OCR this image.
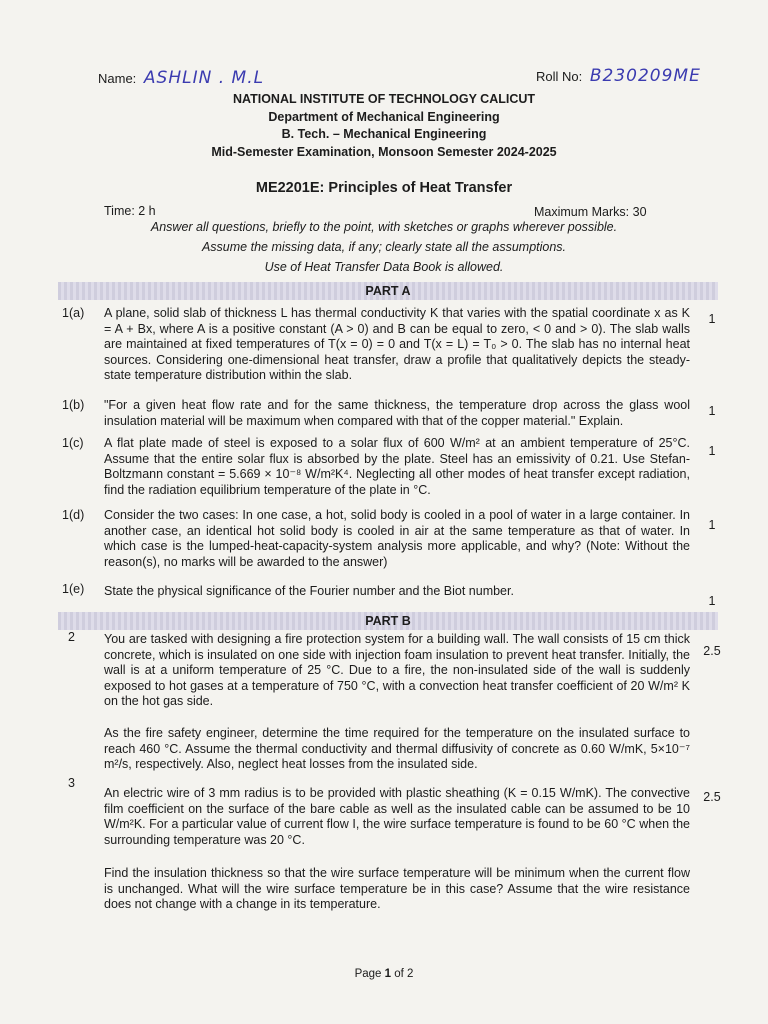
Name: ASHLIN . M.L	Roll No: B230209ME
NATIONAL INSTITUTE OF TECHNOLOGY CALICUT
Department of Mechanical Engineering
B. Tech. – Mechanical Engineering
Mid-Semester Examination, Monsoon Semester 2024-2025
ME2201E: Principles of Heat Transfer
Time: 2 h	Maximum Marks: 30
Answer all questions, briefly to the point, with sketches or graphs wherever possible.
Assume the missing data, if any; clearly state all the assumptions.
Use of Heat Transfer Data Book is allowed.
PART A
1(a) A plane, solid slab of thickness L has thermal conductivity K that varies with the spatial coordinate x as K = A + Bx, where A is a positive constant (A > 0) and B can be equal to zero, < 0 and > 0). The slab walls are maintained at fixed temperatures of T(x = 0) = 0 and T(x = L) = T₀ > 0. The slab has no internal heat sources. Considering one-dimensional heat transfer, draw a profile that qualitatively depicts the steady-state temperature distribution within the slab.
1
1(b) "For a given heat flow rate and for the same thickness, the temperature drop across the glass wool insulation material will be maximum when compared with that of the copper material." Explain.
1
1(c) A flat plate made of steel is exposed to a solar flux of 600 W/m² at an ambient temperature of 25°C. Assume that the entire solar flux is absorbed by the plate. Steel has an emissivity of 0.21. Use Stefan-Boltzmann constant = 5.669 × 10⁻⁸ W/m²K⁴. Neglecting all other modes of heat transfer except radiation, find the radiation equilibrium temperature of the plate in °C.
1
1(d) Consider the two cases: In one case, a hot, solid body is cooled in a pool of water in a large container. In another case, an identical hot solid body is cooled in air at the same temperature as that of water. In which case is the lumped-heat-capacity-system analysis more applicable, and why? (Note: Without the reason(s), no marks will be awarded to the answer)
1
1(e) State the physical significance of the Fourier number and the Biot number.
1
PART B
2 You are tasked with designing a fire protection system for a building wall. The wall consists of 15 cm thick concrete, which is insulated on one side with injection foam insulation to prevent heat transfer. Initially, the wall is at a uniform temperature of 25 °C. Due to a fire, the non-insulated side of the wall is suddenly exposed to hot gases at a temperature of 750 °C, with a convection heat transfer coefficient of 20 W/m² K on the hot gas side.
2.5
As the fire safety engineer, determine the time required for the temperature on the insulated surface to reach 460 °C. Assume the thermal conductivity and thermal diffusivity of concrete as 0.60 W/mK, 5×10⁻⁷ m²/s, respectively. Also, neglect heat losses from the insulated side.
3
An electric wire of 3 mm radius is to be provided with plastic sheathing (K = 0.15 W/mK). The convective film coefficient on the surface of the bare cable as well as the insulated cable can be assumed to be 10 W/m²K. For a particular value of current flow I, the wire surface temperature is found to be 60 °C when the surrounding temperature was 20 °C.
2.5
Find the insulation thickness so that the wire surface temperature will be minimum when the current flow is unchanged. What will the wire surface temperature be in this case? Assume that the wire resistance does not change with a change in its temperature.
Page 1 of 2
